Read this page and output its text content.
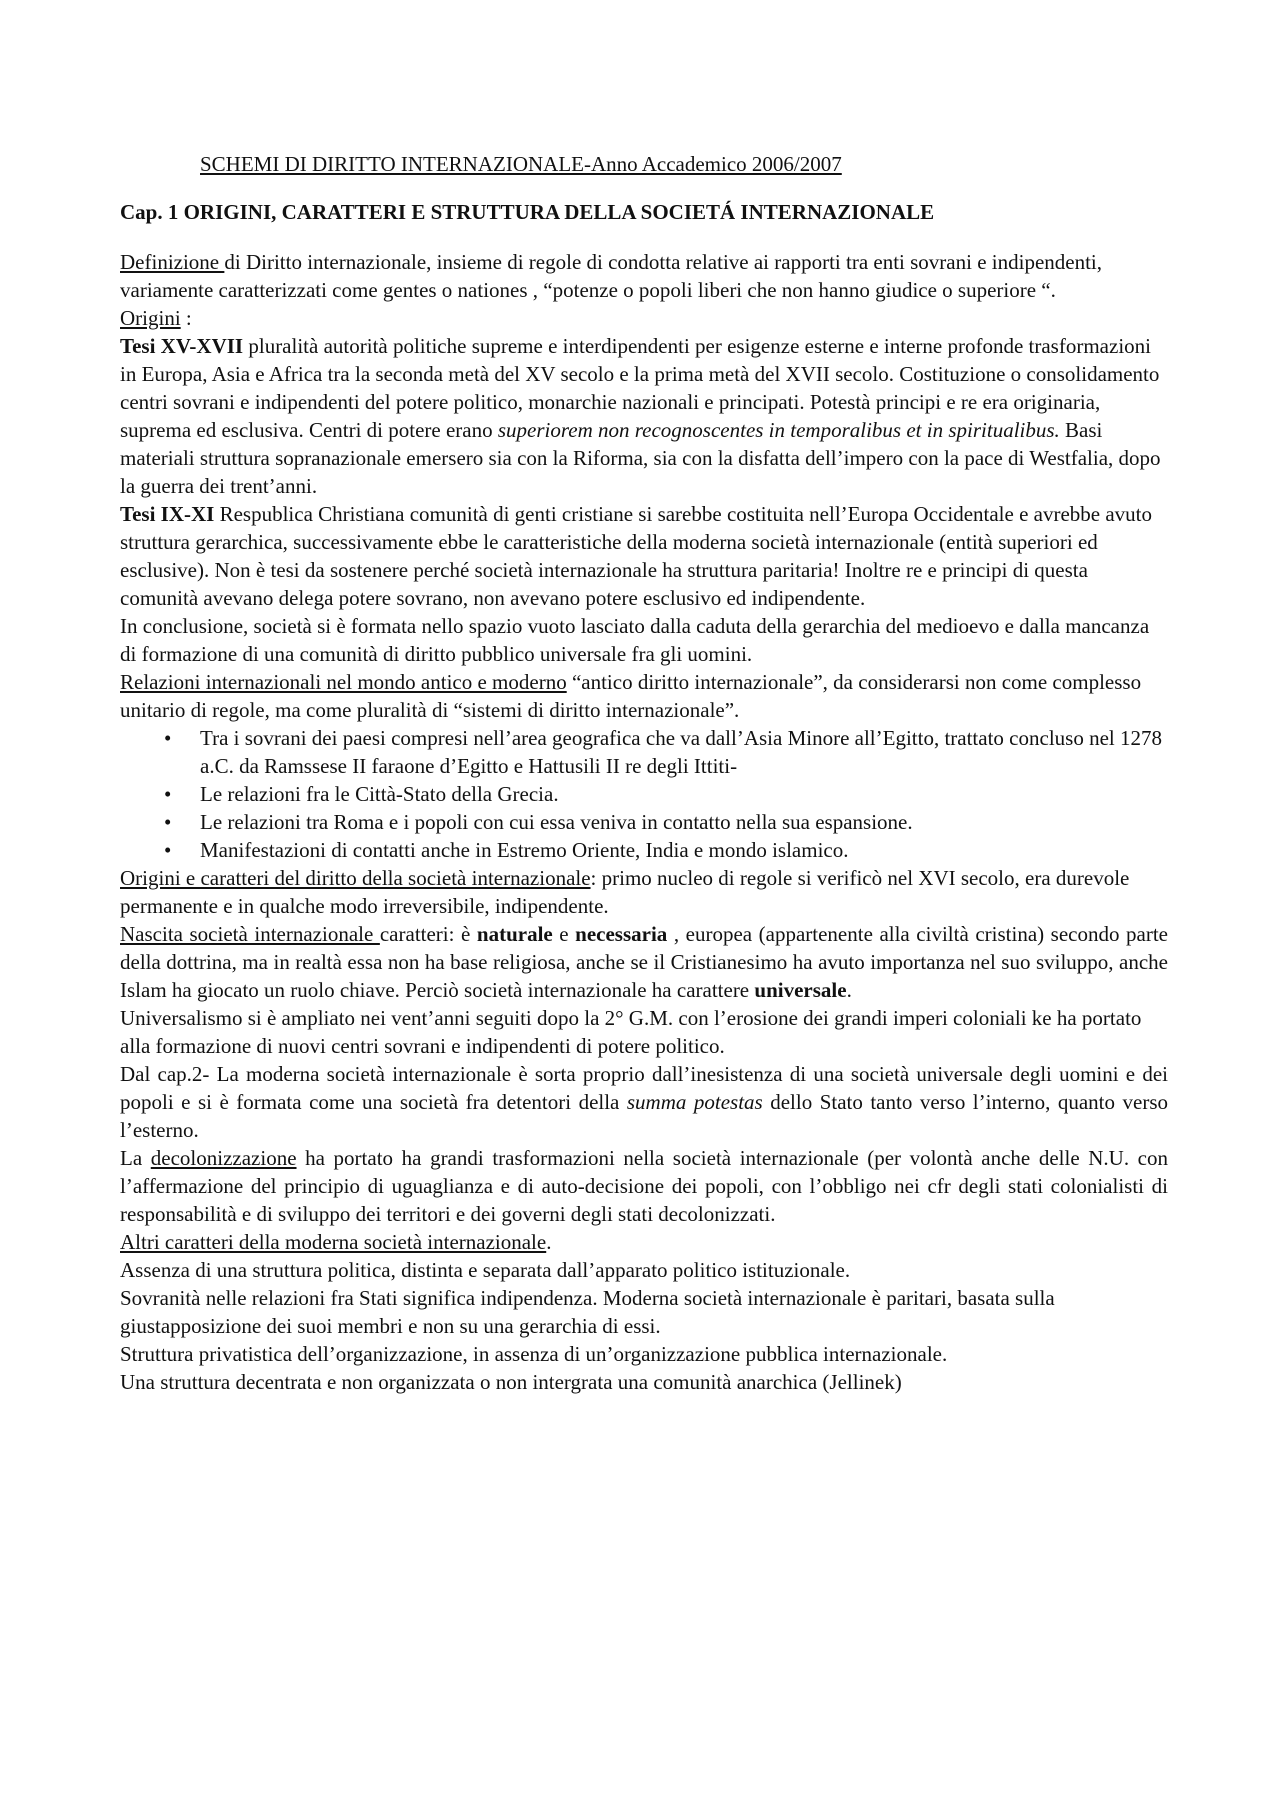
SCHEMI DI DIRITTO INTERNAZIONALE-Anno Accademico 2006/2007
Cap. 1 ORIGINI, CARATTERI E STRUTTURA DELLA SOCIETÁ INTERNAZIONALE

Definizione di Diritto internazionale, insieme di regole di condotta relative ai rapporti tra enti sovrani e indipendenti, variamente caratterizzati come gentes o nationes , “potenze o popoli liberi che non hanno giudice o superiore “.

Origini :

Tesi XV-XVII pluralità autorità politiche supreme e interdipendenti per esigenze esterne e interne profonde trasformazioni in Europa, Asia e Africa tra la seconda metà del XV secolo e la prima metà del XVII secolo. Costituzione o consolidamento centri sovrani e indipendenti del potere politico, monarchie nazionali e principati. Potestà principi e re era originaria, suprema ed esclusiva. Centri di potere erano superiorem non recognoscentes in temporalibus et in spiritualibus. Basi materiali struttura sopranazionale emersero sia con la Riforma, sia con la disfatta dell’impero con la pace di Westfalia, dopo la guerra dei trent’anni.

Tesi IX-XI Respublica Christiana comunità di genti cristiane si sarebbe costituita nell’Europa Occidentale e avrebbe avuto struttura gerarchica, successivamente ebbe le caratteristiche della moderna società internazionale (entità superiori ed esclusive). Non è tesi da sostenere perché società internazionale ha struttura paritaria! Inoltre re e principi di questa comunità avevano delega potere sovrano, non avevano potere esclusivo ed indipendente.

In conclusione, società si è formata nello spazio vuoto lasciato dalla caduta della gerarchia del medioevo e dalla mancanza di formazione di una comunità di diritto pubblico universale fra gli uomini.

Relazioni internazionali nel mondo antico e moderno “antico diritto internazionale”, da considerarsi non come complesso unitario di regole, ma come pluralità di “sistemi di diritto internazionale”.

• Tra i sovrani dei paesi compresi nell’area geografica che va dall’Asia Minore all’Egitto, trattato concluso nel 1278 a.C. da Ramssese II faraone d’Egitto e Hattusili II re degli Ittiti-
• Le relazioni fra le Città-Stato della Grecia.
• Le relazioni tra Roma e i popoli con cui essa veniva in contatto nella sua espansione.
• Manifestazioni di contatti anche in Estremo Oriente, India e mondo islamico.

Origini e caratteri del diritto della società internazionale: primo nucleo di regole si verificò nel XVI secolo, era durevole permanente e in qualche modo irreversibile, indipendente.

Nascita società internazionale caratteri: è naturale e necessaria , europea (appartenente alla civiltà cristina) secondo parte della dottrina, ma in realtà essa non ha base religiosa, anche se il Cristianesimo ha avuto importanza nel suo sviluppo, anche Islam ha giocato un ruolo chiave. Perciò società internazionale ha carattere universale.

Universalismo si è ampliato nei vent’anni seguiti dopo la 2° G.M. con l’erosione dei grandi imperi coloniali ke ha portato alla formazione di nuovi centri sovrani e indipendenti di potere politico.

Dal cap.2- La moderna società internazionale è sorta proprio dall’inesistenza di una società universale degli uomini e dei popoli e si è formata come una società fra detentori della summa potestas dello Stato tanto verso l’interno, quanto verso l’esterno.

La decolonizzazione ha portato ha grandi trasformazioni nella società internazionale (per volontà anche delle N.U. con l’affermazione del principio di uguaglianza e di auto-decisione dei popoli, con l’obbligo nei cfr degli stati colonialisti di responsabilità e di sviluppo dei territori e dei governi degli stati decolonizzati.

Altri caratteri della moderna società internazionale.

Assenza di una struttura politica, distinta e separata dall’apparato politico istituzionale.

Sovranità nelle relazioni fra Stati significa indipendenza. Moderna società internazionale è paritari, basata sulla giustapposizione dei suoi membri e non su una gerarchia di essi.

Struttura privatistica dell’organizzazione, in assenza di un’organizzazione pubblica internazionale.

Una struttura decentrata e non organizzata o non intergrata una comunità anarchica (Jellinek)
